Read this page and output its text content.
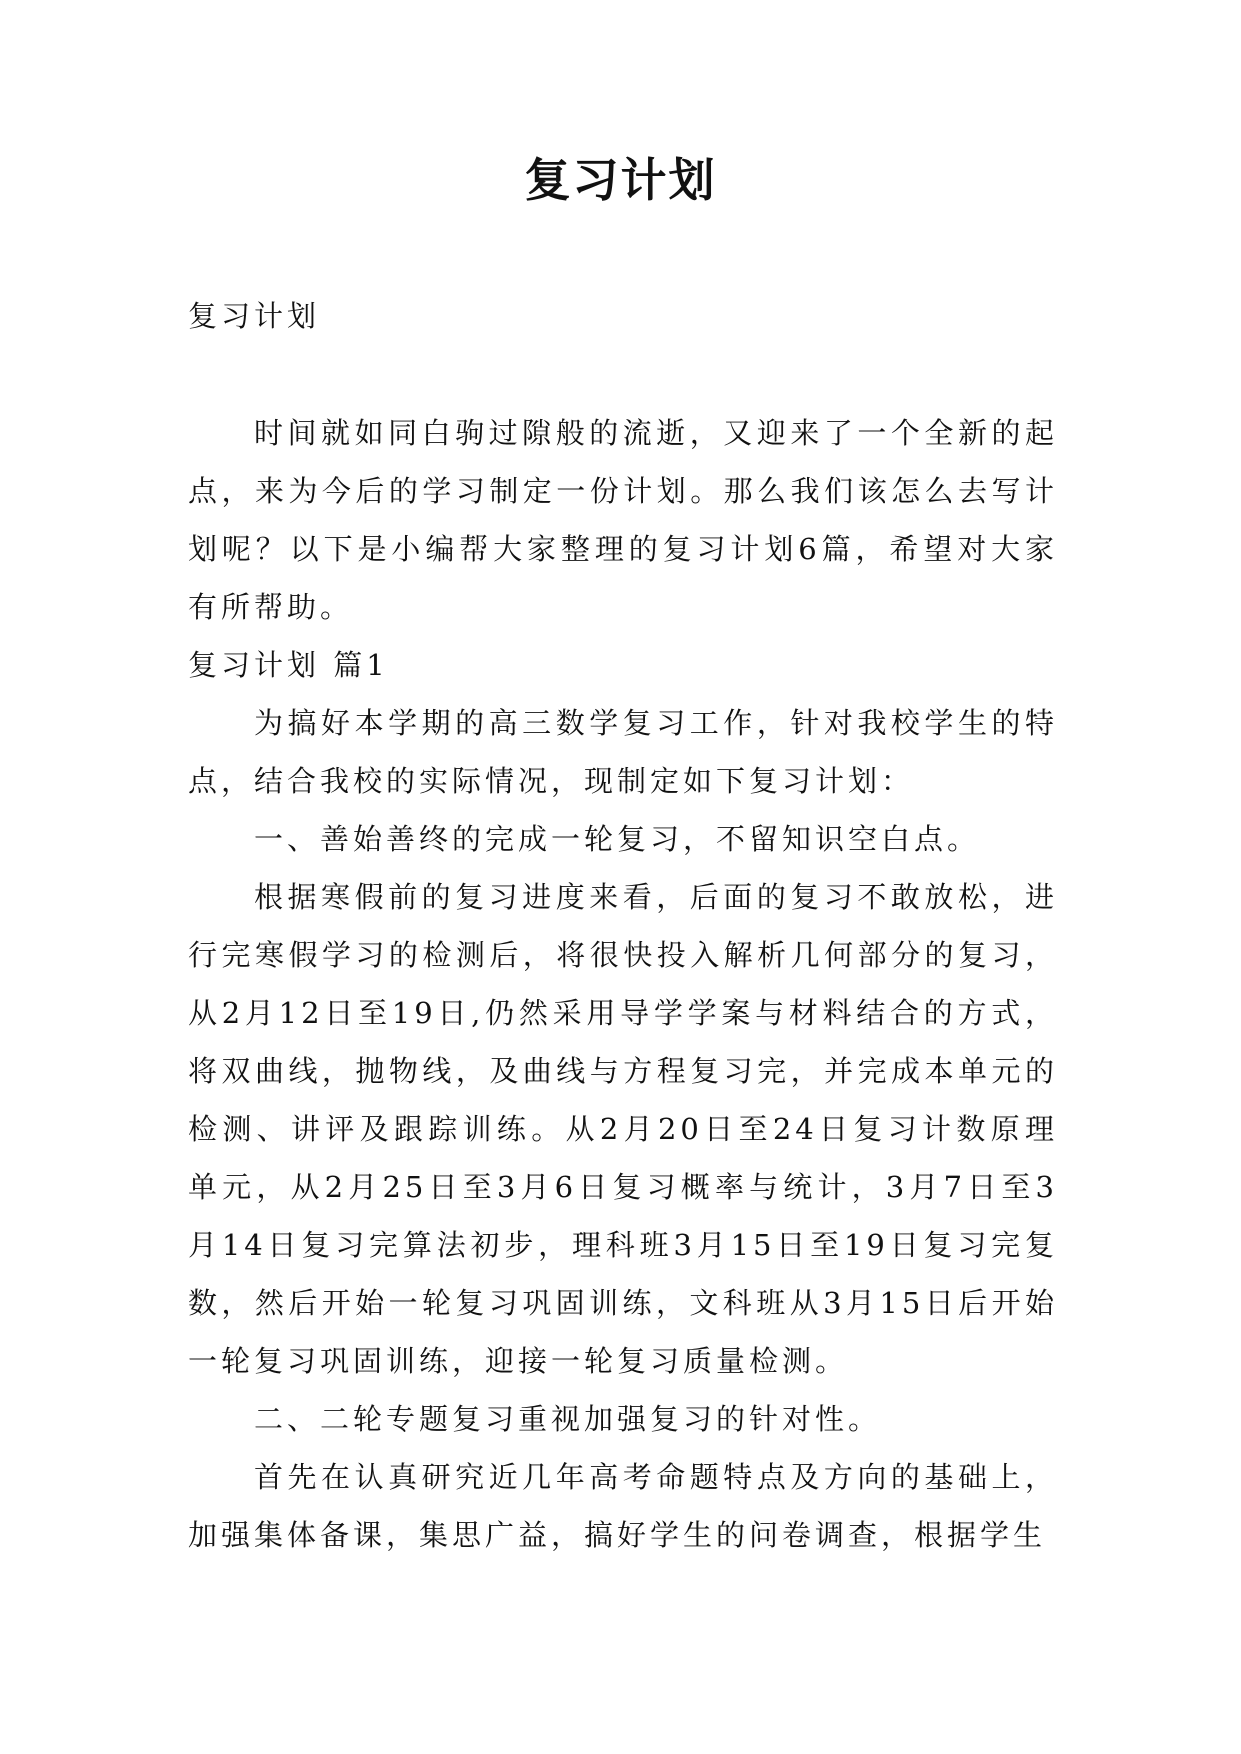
复习计划
复习计划

时间就如同白驹过隙般的流逝，又迎来了一个全新的起点，来为今后的学习制定一份计划。那么我们该怎么去写计划呢？以下是小编帮大家整理的复习计划6篇，希望对大家有所帮助。

复习计划 篇1

为搞好本学期的高三数学复习工作，针对我校学生的特点，结合我校的实际情况，现制定如下复习计划：

一、善始善终的完成一轮复习，不留知识空白点。

根据寒假前的复习进度来看，后面的复习不敢放松，进行完寒假学习的检测后，将很快投入解析几何部分的复习，从2月12日至19日,仍然采用导学学案与材料结合的方式，将双曲线，抛物线，及曲线与方程复习完，并完成本单元的检测、讲评及跟踪训练。从2月20日至24日复习计数原理单元，从2月25日至3月6日复习概率与统计，3月7日至3月14日复习完算法初步，理科班3月15日至19日复习完复数，然后开始一轮复习巩固训练，文科班从3月15日后开始一轮复习巩固训练，迎接一轮复习质量检测。

二、二轮专题复习重视加强复习的针对性。

首先在认真研究近几年高考命题特点及方向的基础上，加强集体备课，集思广益，搞好学生的问卷调查，根据学生
